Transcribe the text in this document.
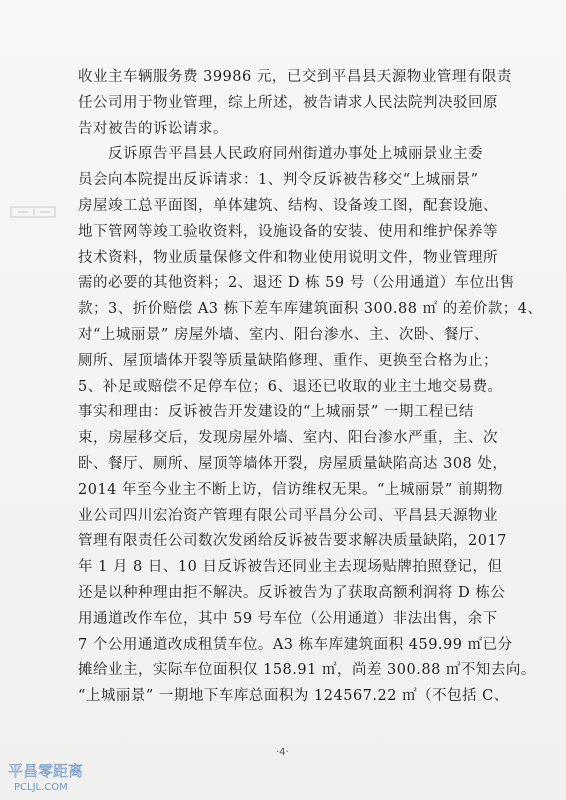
收业主车辆服务费 39986 元，已交到平昌县天源物业管理有限责
任公司用于物业管理，综上所述，被告请求人民法院判决驳回原
告对被告的诉讼请求。
　　反诉原告平昌县人民政府同州街道办事处上城丽景业主委
员会向本院提出反诉请求：1、判令反诉被告移交“上城丽景”
房屋竣工总平面图，单体建筑、结构、设备竣工图，配套设施、
地下管网等竣工验收资料，设施设备的安装、使用和维护保养等
技术资料，物业质量保修文件和物业使用说明文件，物业管理所
需的必要的其他资料；2、退还 D 栋 59 号（公用通道）车位出售
款；3、折价赔偿 A3 栋下差车库建筑面积 300.88 ㎡ 的差价款；4、
对“上城丽景” 房屋外墙、室内、阳台渗水、主、次卧、餐厅、
厕所、屋顶墙体开裂等质量缺陷修理、重作、更换至合格为止；
5、补足或赔偿不足停车位；6、退还已收取的业主土地交易费。
事实和理由：反诉被告开发建设的“上城丽景” 一期工程已结
束，房屋移交后，发现房屋外墙、室内、阳台渗水严重，主、次
卧、餐厅、厕所、屋顶等墙体开裂，房屋质量缺陷高达 308 处，
2014 年至今业主不断上访，信访维权无果。“上城丽景” 前期物
业公司四川宏冶资产管理有限公司平昌分公司、平昌县天源物业
管理有限责任公司数次发函给反诉被告要求解决质量缺陷，2017
年 1 月 8 日、10 日反诉被告还同业主去现场贴牌拍照登记，但
还是以种种理由拒不解决。反诉被告为了获取高额利润将 D 栋公
用通道改作车位，其中 59 号车位（公用通道）非法出售，余下
7 个公用通道改成租赁车位。A3 栋车库建筑面积 459.99 ㎡已分
摊给业主，实际车位面积仅 158.91 ㎡，尚差 300.88 ㎡不知去向。
“上城丽景” 一期地下车库总面积为 124567.22 ㎡（不包括 C、
·4·
平昌零距离
PCLJL.COM
